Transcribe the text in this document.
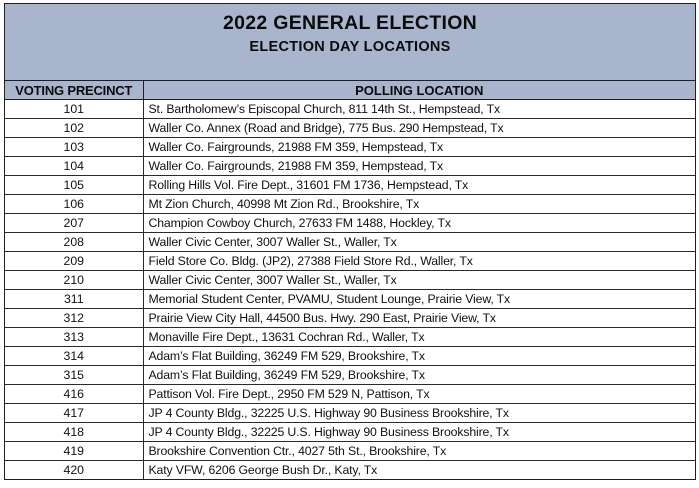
2022 GENERAL ELECTION
ELECTION DAY LOCATIONS
VOTING PRECINCT	POLLING LOCATION
101	St. Bartholomew’s Episcopal Church, 811 14th St., Hempstead, Tx
102	Waller Co. Annex (Road and Bridge), 775 Bus. 290 Hempstead, Tx
103	Waller Co. Fairgrounds, 21988 FM 359, Hempstead, Tx
104	Waller Co. Fairgrounds, 21988 FM 359, Hempstead, Tx
105	Rolling Hills Vol. Fire Dept., 31601 FM 1736, Hempstead, Tx
106	Mt Zion Church, 40998 Mt Zion Rd., Brookshire, Tx
207	Champion Cowboy Church, 27633 FM 1488, Hockley, Tx
208	Waller Civic Center, 3007 Waller St., Waller, Tx
209	Field Store Co. Bldg. (JP2), 27388 Field Store Rd., Waller, Tx
210	Waller Civic Center, 3007 Waller St., Waller, Tx
311	Memorial Student Center, PVAMU, Student Lounge, Prairie View, Tx
312	Prairie View City Hall, 44500 Bus. Hwy. 290 East, Prairie View, Tx
313	Monaville Fire Dept., 13631 Cochran Rd., Waller, Tx
314	Adam’s Flat Building, 36249 FM 529, Brookshire, Tx
315	Adam’s Flat Building, 36249 FM 529, Brookshire, Tx
416	Pattison Vol. Fire Dept., 2950 FM 529 N, Pattison, Tx
417	JP 4 County Bldg., 32225 U.S. Highway 90 Business Brookshire, Tx
418	JP 4 County Bldg., 32225 U.S. Highway 90 Business Brookshire, Tx
419	Brookshire Convention Ctr., 4027 5th St., Brookshire, Tx
420	Katy VFW, 6206 George Bush Dr., Katy, Tx
